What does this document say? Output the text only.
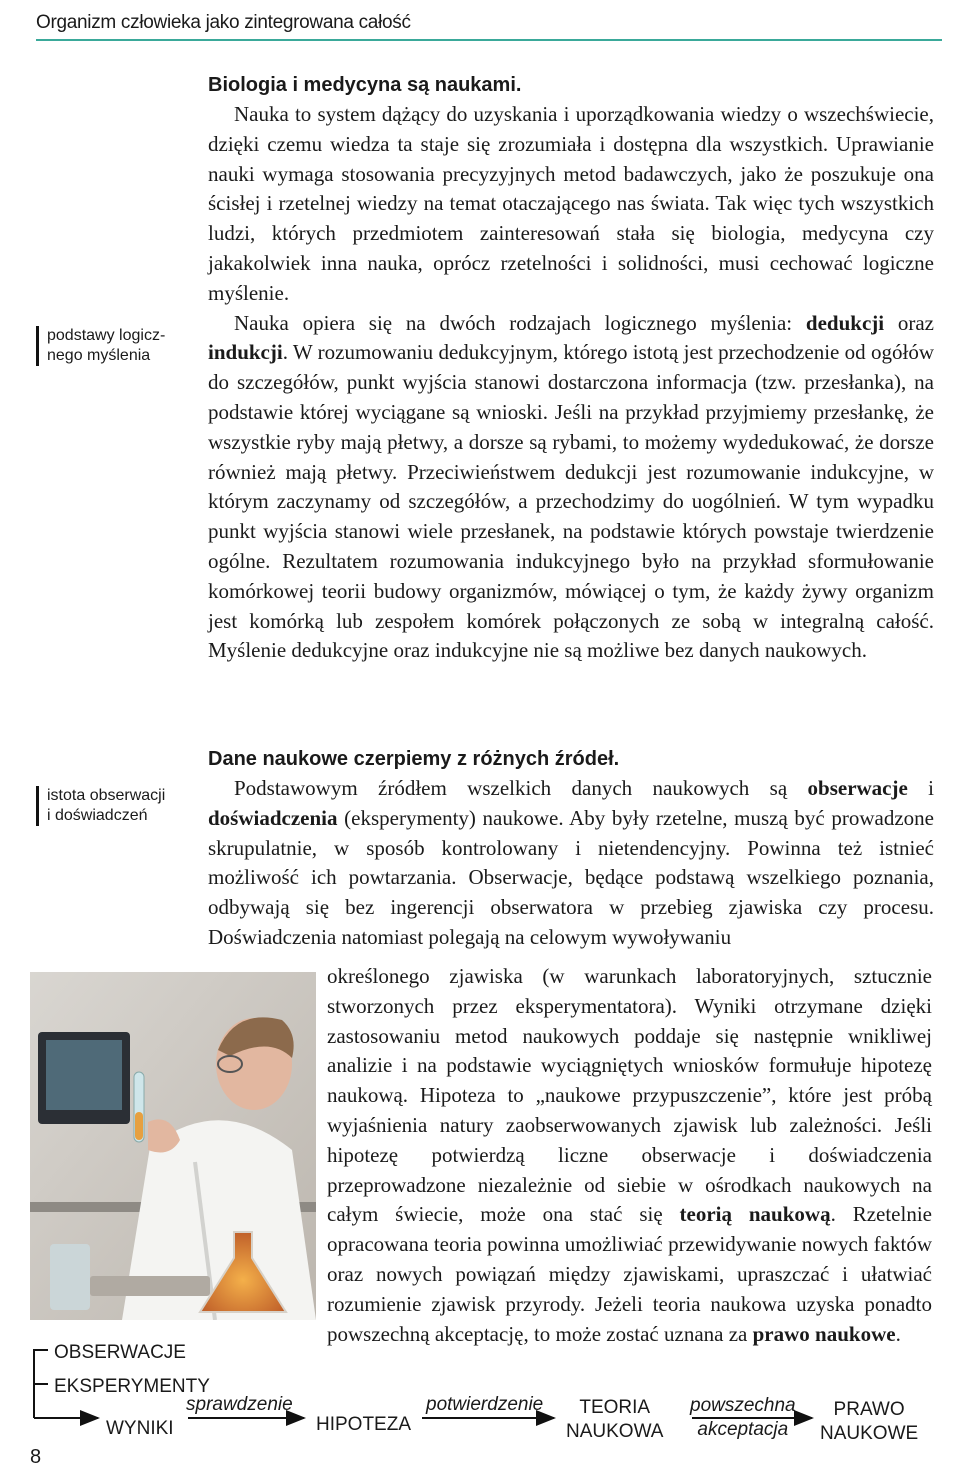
Organizm człowieka jako zintegrowana całość
podstawy logicz-
nego myślenia
istota obserwacji
i doświadczeń
Biologia i medycyna są naukami.

Nauka to system dążący do uzyskania i uporządkowania wiedzy o wszechświecie, dzięki czemu wiedza ta staje się zrozumiała i dostępna dla wszystkich. Uprawianie nauki wymaga stosowania precyzyjnych metod badawczych, jako że poszukuje ona ścisłej i rzetelnej wiedzy na temat otaczającego nas świata. Tak więc tych wszystkich ludzi, których przedmiotem zainteresowań stała się biologia, medycyna czy jakakolwiek inna nauka, oprócz rzetelności i solidności, musi cechować logiczne myślenie.

Nauka opiera się na dwóch rodzajach logicznego myślenia: dedukcji oraz indukcji. W rozumowaniu dedukcyjnym, którego istotą jest przechodzenie od ogółów do szczegółów, punkt wyjścia stanowi dostarczona informacja (tzw. przesłanka), na podstawie której wyciągane są wnioski. Jeśli na przykład przyjmiemy przesłankę, że wszystkie ryby mają płetwy, a dorsze są rybami, to możemy wydedukować, że dorsze również mają płetwy. Przeciwieństwem dedukcji jest rozumowanie indukcyjne, w którym zaczynamy od szczegółów, a przechodzimy do uogólnień. W tym wypadku punkt wyjścia stanowi wiele przesłanek, na podstawie których powstaje twierdzenie ogólne. Rezultatem rozumowania indukcyjnego było na przykład sformułowanie komórkowej teorii budowy organizmów, mówiącej o tym, że każdy żywy organizm jest komórką lub zespołem komórek połączonych ze sobą w integralną całość. Myślenie dedukcyjne oraz indukcyjne nie są możliwe bez danych naukowych.

Dane naukowe czerpiemy z różnych źródeł.

Podstawowym źródłem wszelkich danych naukowych są obserwacje i doświadczenia (eksperymenty) naukowe. Aby były rzetelne, muszą być prowadzone skrupulatnie, w sposób kontrolowany i nietendencyjny. Powinna też istnieć możliwość ich powtarzania. Obserwacje, będące podstawą wszelkiego poznania, odbywają się bez ingerencji obserwatora w przebieg zjawiska czy procesu. Doświadczenia natomiast polegają na celowym wywoływaniu

określonego zjawiska (w warunkach laboratoryjnych, sztucznie stworzonych przez eksperymentatora). Wyniki otrzymane dzięki zastosowaniu metod naukowych poddaje się następnie wnikliwej analizie i na podstawie wyciągniętych wniosków formułuje hipotezę naukową. Hipoteza to „naukowe przypuszczenie”, które jest próbą wyjaśnienia natury zaobserwowanych zjawisk lub zależności. Jeśli hipotezę potwierdzą liczne obserwacje i doświadczenia przeprowadzone niezależnie od siebie w ośrodkach naukowych na całym świecie, może ona stać się teorią naukową. Rzetelnie opracowana teoria powinna umożliwiać przewidywanie nowych faktów oraz nowych powiązań między zjawiskami, upraszczać i ułatwiać rozumienie zjawisk przyrody. Jeżeli teoria naukowa uzyska ponadto powszechną akceptację, to może zostać uznana za prawo naukowe.

OBSERWACJE
EKSPERYMENTY
WYNIKI
sprawdzenie
HIPOTEZA
potwierdzenie	TEORIA
NAUKOWA
powszechna
akceptacja
PRAWO
NAUKOWE
8
